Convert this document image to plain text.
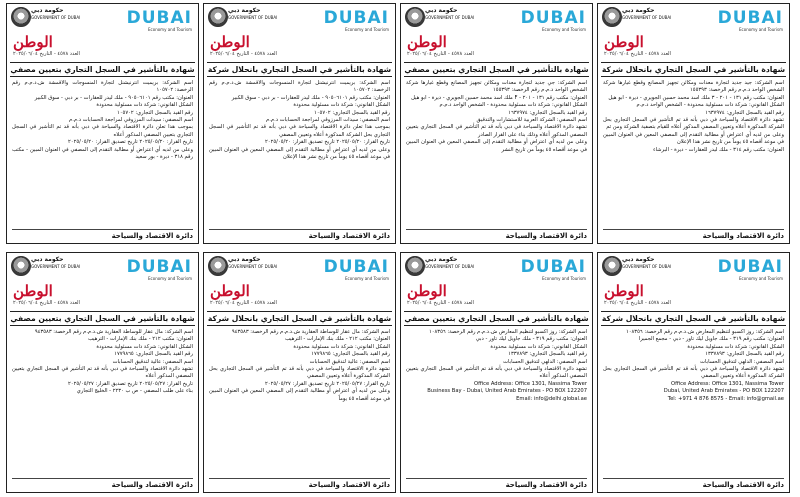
حكومة دبي
GOVERNMENT OF DUBAI	DUBAI
Economy and Tourism
الوطن
العدد ٤٥٧٨ - التاريخ ٢٠٢٥/٠٦/٠٤
شهادة بالتأشير في السجل التجاري بانحلال شركة

اسم الشركة: جيد جديد لتجارة معدات ومكائن تجهيز المصانع وقطع غيارها شركة الشخص الواحد ذ.م.م رقم الرخصة: ١٥٥٣٩٣

العنوان: مكتب رقم ١٣١ - ٢٠١ - ٣ ملك اسد محمد حسين الجويري - ديرة - ابو هيل

الشكل القانوني: شركة ذات مسئولية محدودة - الشخص الواحد ذ.م.م

رقم القيد بالسجل التجاري: ١٦٣٧٩٧٤

تشهد دائرة الاقتصاد والسياحة في دبي بأنه قد تم التأشير في السجل التجاري بحل الشركة المذكورة أعلاه وتعيين المصفي المذكور أعلاه للقيام بتصفية الشركة ومن ثم

وعلى من لديه أي اعتراض أو مطالبة التقدم إلى المصفي المعين في العنوان المبين في موعد أقصاه ٤٥ يوماً من تاريخ نشر هذا الإعلان

العنوان: مكتب رقم ٣١٤ - ملك ليدر للعقارات - ديرة - البرشاء

دائرة الاقتصاد والسياحة
حكومة دبي
GOVERNMENT OF DUBAI	DUBAI
Economy and Tourism
الوطن
العدد ٤٥٧٨ - التاريخ ٢٠٢٥/٠٦/٠٤
شهادة بالتأشير في السجل التجاري بتعيين مصفي

اسم الشركة: جي جديد لتجارة معدات ومكائن تجهيز المصانع وقطع غيارها شركة الشخص الواحد ذ.م.م رقم الرخصة: ١٥٥٣٩٣

العنوان: مكتب رقم ١٣١ - ٢٠١ - F ملك اسد محمد حسين الجويري - ديرة - ابو هيل

الشكل القانوني: شركة ذات مسئولية محدودة - الشخص الواحد ذ.م.م

رقم القيد بالسجل التجاري: ١٦٣٧٩٧٤

اسم المصفي: الشركة العربية للاستشارات والتدقيق

تشهد دائرة الاقتصاد والسياحة في دبي بأنه قد تم التأشير في السجل التجاري بتعيين المصفي المذكور أعلاه وذلك بناء على القرار الصادر

وعلى من لديه أي اعتراض أو مطالبة التقدم إلى المصفي المعين في العنوان المبين في موعد أقصاه ٤٥ يوماً من تاريخ النشر

دائرة الاقتصاد والسياحة
حكومة دبي
GOVERNMENT OF DUBAI	DUBAI
Economy and Tourism
الوطن
العدد ٤٥٧٨ - التاريخ ٢٠٢٥/٠٦/٠٤
شهادة بالتأشير في السجل التجاري بانحلال شركة

اسم الشركة: بريميت انترنيشنل لتجارة المنسوجات والأقمشة ش.ذ.م.م رقم الرخصة: ١٠٥٧٠٢

العنوان: مكتب رقم ٩٠٥٠٦١٠١ - ملك ليدر للعقارات - بر دبي - سوق الكبير

الشكل القانوني: شركة ذات مسئولية محدودة

رقم القيد بالسجل التجاري: ١٠٥٧٠٢

اسم المصفي: سيدات المرزوقي لمراجعة الحسابات ذ.م.م

بموجب هذا تعلن دائرة الاقتصاد والسياحة في دبي بأنه قد تم التأشير في السجل التجاري بحل الشركة المذكورة أعلاه وتعيين المصفي

تاريخ القرار: ٢٠٢٥/٠٥/٢٠ تاريخ تصديق القرار: ٢٠٢٥/٠٥/٢٠

وعلى من لديه أي اعتراض أو مطالبة التقدم إلى المصفي المعين في العنوان المبين في موعد أقصاه ٤٥ يوماً من تاريخ نشر هذا الإعلان

دائرة الاقتصاد والسياحة
حكومة دبي
GOVERNMENT OF DUBAI	DUBAI
Economy and Tourism
الوطن
العدد ٤٥٧٨ - التاريخ ٢٠٢٥/٠٦/٠٤
شهادة بالتأشير في السجل التجاري بتعيين مصفي

اسم الشركة: بريميت انترنيشنل لتجارة المنسوجات والأقمشة ش.ذ.م.م رقم الرخصة: ١٠٥٧٠٢

العنوان: مكتب رقم ٩٠٥٠٦١٠١ - ملك ليدر للعقارات - بر دبي - سوق الكبير

الشكل القانوني: شركة ذات مسئولية محدودة

رقم القيد بالسجل التجاري: ١٠٥٧٠٢

اسم المصفي: سيدات المرزوقي لمراجعة الحسابات ذ.م.م

بموجب هذا تعلن دائرة الاقتصاد والسياحة في دبي بأنه قد تم التأشير في السجل التجاري بتعيين المصفي المذكور أعلاه

تاريخ القرار: ٢٠٢٥/٠٥/٢٠ تاريخ تصديق القرار: ٢٠٢٥/٠٥/٢٠

وعلى من لديه أي اعتراض أو مطالبة التقدم إلى المصفي في العنوان المبين - مكتب رقم ٣١٨ - ديرة - بور سعيد

دائرة الاقتصاد والسياحة
حكومة دبي
GOVERNMENT OF DUBAI	DUBAI
Economy and Tourism
الوطن
العدد ٤٥٧٨ - التاريخ ٢٠٢٥/٠٦/٠٤
شهادة بالتأشير في السجل التجاري بانحلال شركة

اسم الشركة: روز اكسبو لتنظيم المعارض ش.ذ.م.م رقم الرخصة: ١٠٨٣٥٦

العنوان: مكتب رقم ٣١٩ - ملك جاويل ليك تاور - دبي - مجمع الجميرا

الشكل القانوني: شركة ذات مسئولية محدودة

رقم القيد بالسجل التجاري: ١٣٣٧٨٩٣

اسم المصفي: الدلهي لتدقيق الحسابات

تشهد دائرة الاقتصاد والسياحة في دبي بأنه قد تم التأشير في السجل التجاري بحل الشركة المذكورة أعلاه وتعيين المصفي

Office Address: Office 1301, Nassima Tower

Dubai, United Arab Emirates - PO BOX 122207

Tel: +971 4 876 8575 - Email: info@gmail.ae

دائرة الاقتصاد والسياحة
حكومة دبي
GOVERNMENT OF DUBAI	DUBAI
Economy and Tourism
الوطن
العدد ٤٥٧٨ - التاريخ ٢٠٢٥/٠٦/٠٤
شهادة بالتأشير في السجل التجاري بتعيين مصفي

اسم الشركة: روز اكسبو لتنظيم المعارض ش.ذ.م.م رقم الرخصة: ١٠٨٣٥٦

العنوان: مكتب رقم ٣١٩ - ملك جاويل ليك تاور - دبي

الشكل القانوني: شركة ذات مسئولية محدودة

رقم القيد بالسجل التجاري: ١٣٣٧٨٩٣

اسم المصفي: الدلهي لتدقيق الحسابات

تشهد دائرة الاقتصاد والسياحة في دبي بأنه قد تم التأشير في السجل التجاري بتعيين المصفي المذكور أعلاه

Office Address: Office 1301, Nassima Tower

Business Bay - Dubai, United Arab Emirates - PO BOX 122207

Email: info@delhi.global.ae

دائرة الاقتصاد والسياحة
حكومة دبي
GOVERNMENT OF DUBAI	DUBAI
Economy and Tourism
الوطن
العدد ٤٥٧٨ - التاريخ ٢٠٢٥/٠٦/٠٤
شهادة بالتأشير في السجل التجاري بانحلال شركة

اسم الشركة: مال عقار للوساطة العقارية ش.ذ.م.م رقم الرخصة: ٩٤٣٥٨٣

العنوان: مكتب ٢١٢ - ملك بنك الإمارات - الترهيب

الشكل القانوني: شركة ذات مسئولية محدودة

رقم القيد بالسجل التجاري: ١٧٧٩٨٦٥

اسم المصفي: عالية لتدقيق الحسابات

تشهد دائرة الاقتصاد والسياحة في دبي بأنه قد تم التأشير في السجل التجاري بحل الشركة المذكورة أعلاه وتعيين المصفي

تاريخ القرار: ٢٠٢٥/٠٥/٢٧ تاريخ تصديق القرار: ٢٠٢٥/٠٥/٢٧

وعلى من لديه أي اعتراض أو مطالبة التقدم إلى المصفي المعين في العنوان المبين في موعد أقصاه ٤٥ يوماً

دائرة الاقتصاد والسياحة
حكومة دبي
GOVERNMENT OF DUBAI	DUBAI
Economy and Tourism
الوطن
العدد ٤٥٧٨ - التاريخ ٢٠٢٥/٠٦/٠٤
شهادة بالتأشير في السجل التجاري بتعيين مصفي

اسم الشركة: مال عقار للوساطة العقارية ش.ذ.م.م رقم الرخصة: ٩٤٣٥٨٣

العنوان: مكتب ٢١٢ - ملك بنك الإمارات - الترهيب

الشكل القانوني: شركة ذات مسئولية محدودة

رقم القيد بالسجل التجاري: ١٧٧٩٨٦٥

اسم المصفي: عالية لتدقيق الحسابات

تشهد دائرة الاقتصاد والسياحة في دبي بأنه قد تم التأشير في السجل التجاري بتعيين المصفي المذكور أعلاه

تاريخ القرار: ٢٠٢٥/٠٥/٢٧ تاريخ تصديق القرار: ٢٠٢٥/٠٥/٢٧

بناء على طلب المصفي - ص ب ٢٢٣٠ - الخليج التجاري

دائرة الاقتصاد والسياحة
